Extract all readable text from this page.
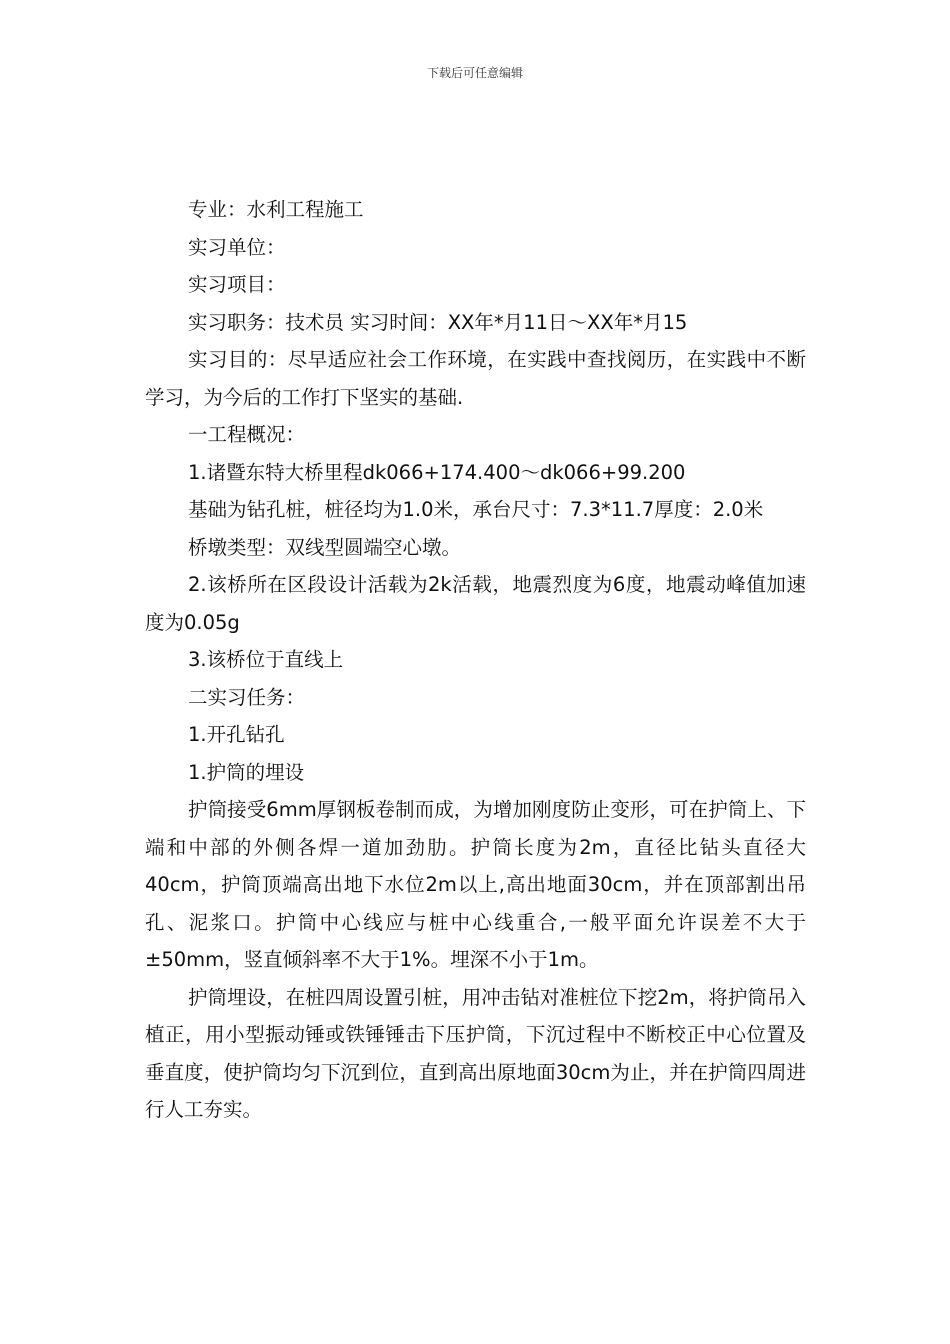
下载后可任意编辑

专业：水利工程施工

实习单位：

实习项目：

实习职务：技术员 实习时间：XX年*月11日～XX年*月15

实习目的：尽早适应社会工作环境，在实践中查找阅历，在实践中不断学习，为今后的工作打下坚实的基础.

一工程概况：

1.诸暨东特大桥里程dk066+174.400～dk066+99.200

基础为钻孔桩，桩径均为1.0米，承台尺寸：7.3*11.7厚度：2.0米

桥墩类型：双线型圆端空心墩。

2.该桥所在区段设计活载为2k活载，地震烈度为6度，地震动峰值加速度为0.05g

3.该桥位于直线上

二实习任务：

1.开孔钻孔

1.护筒的埋设

护筒接受6mm厚钢板卷制而成，为增加刚度防止变形，可在护筒上、下端和中部的外侧各焊一道加劲肋。护筒长度为2m，直径比钻头直径大40cm，护筒顶端高出地下水位2m以上,高出地面30cm，并在顶部割出吊孔、泥浆口。护筒中心线应与桩中心线重合,一般平面允许误差不大于±50mm，竖直倾斜率不大于1%。埋深不小于1m。

护筒埋设，在桩四周设置引桩，用冲击钻对准桩位下挖2m，将护筒吊入植正，用小型振动锤或铁锤锤击下压护筒，下沉过程中不断校正中心位置及垂直度，使护筒均匀下沉到位，直到高出原地面30cm为止，并在护筒四周进行人工夯实。
